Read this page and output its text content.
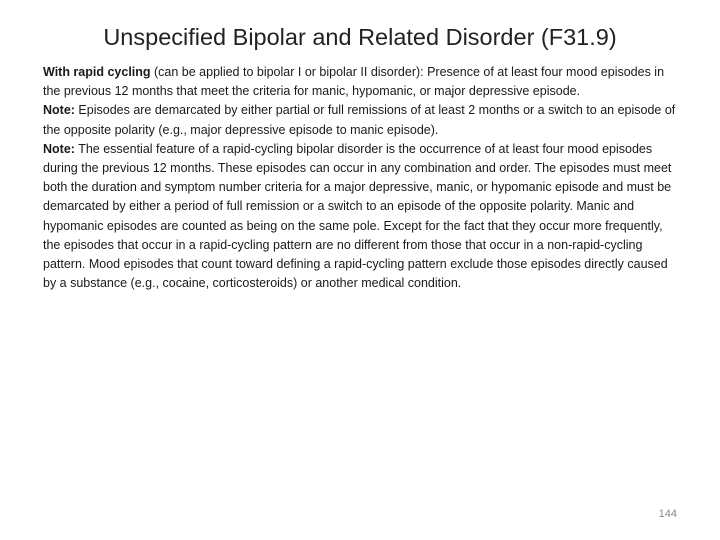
Unspecified Bipolar and Related Disorder (F31.9)

With rapid cycling (can be applied to bipolar I or bipolar II disorder): Presence of at least four mood episodes in the previous 12 months that meet the criteria for manic, hypomanic, or major depressive episode.

Note: Episodes are demarcated by either partial or full remissions of at least 2 months or a switch to an episode of the opposite polarity (e.g., major depressive episode to manic episode).

Note: The essential feature of a rapid-cycling bipolar disorder is the occurrence of at least four mood episodes during the previous 12 months. These episodes can occur in any combination and order. The episodes must meet both the duration and symptom number criteria for a major depressive, manic, or hypomanic episode and must be demarcated by either a period of full remission or a switch to an episode of the opposite polarity. Manic and hypomanic episodes are counted as being on the same pole. Except for the fact that they occur more frequently, the episodes that occur in a rapid-cycling pattern are no different from those that occur in a non-rapid-cycling pattern. Mood episodes that count toward defining a rapid-cycling pattern exclude those episodes directly caused by a substance (e.g., cocaine, corticosteroids) or another medical condition.

144
